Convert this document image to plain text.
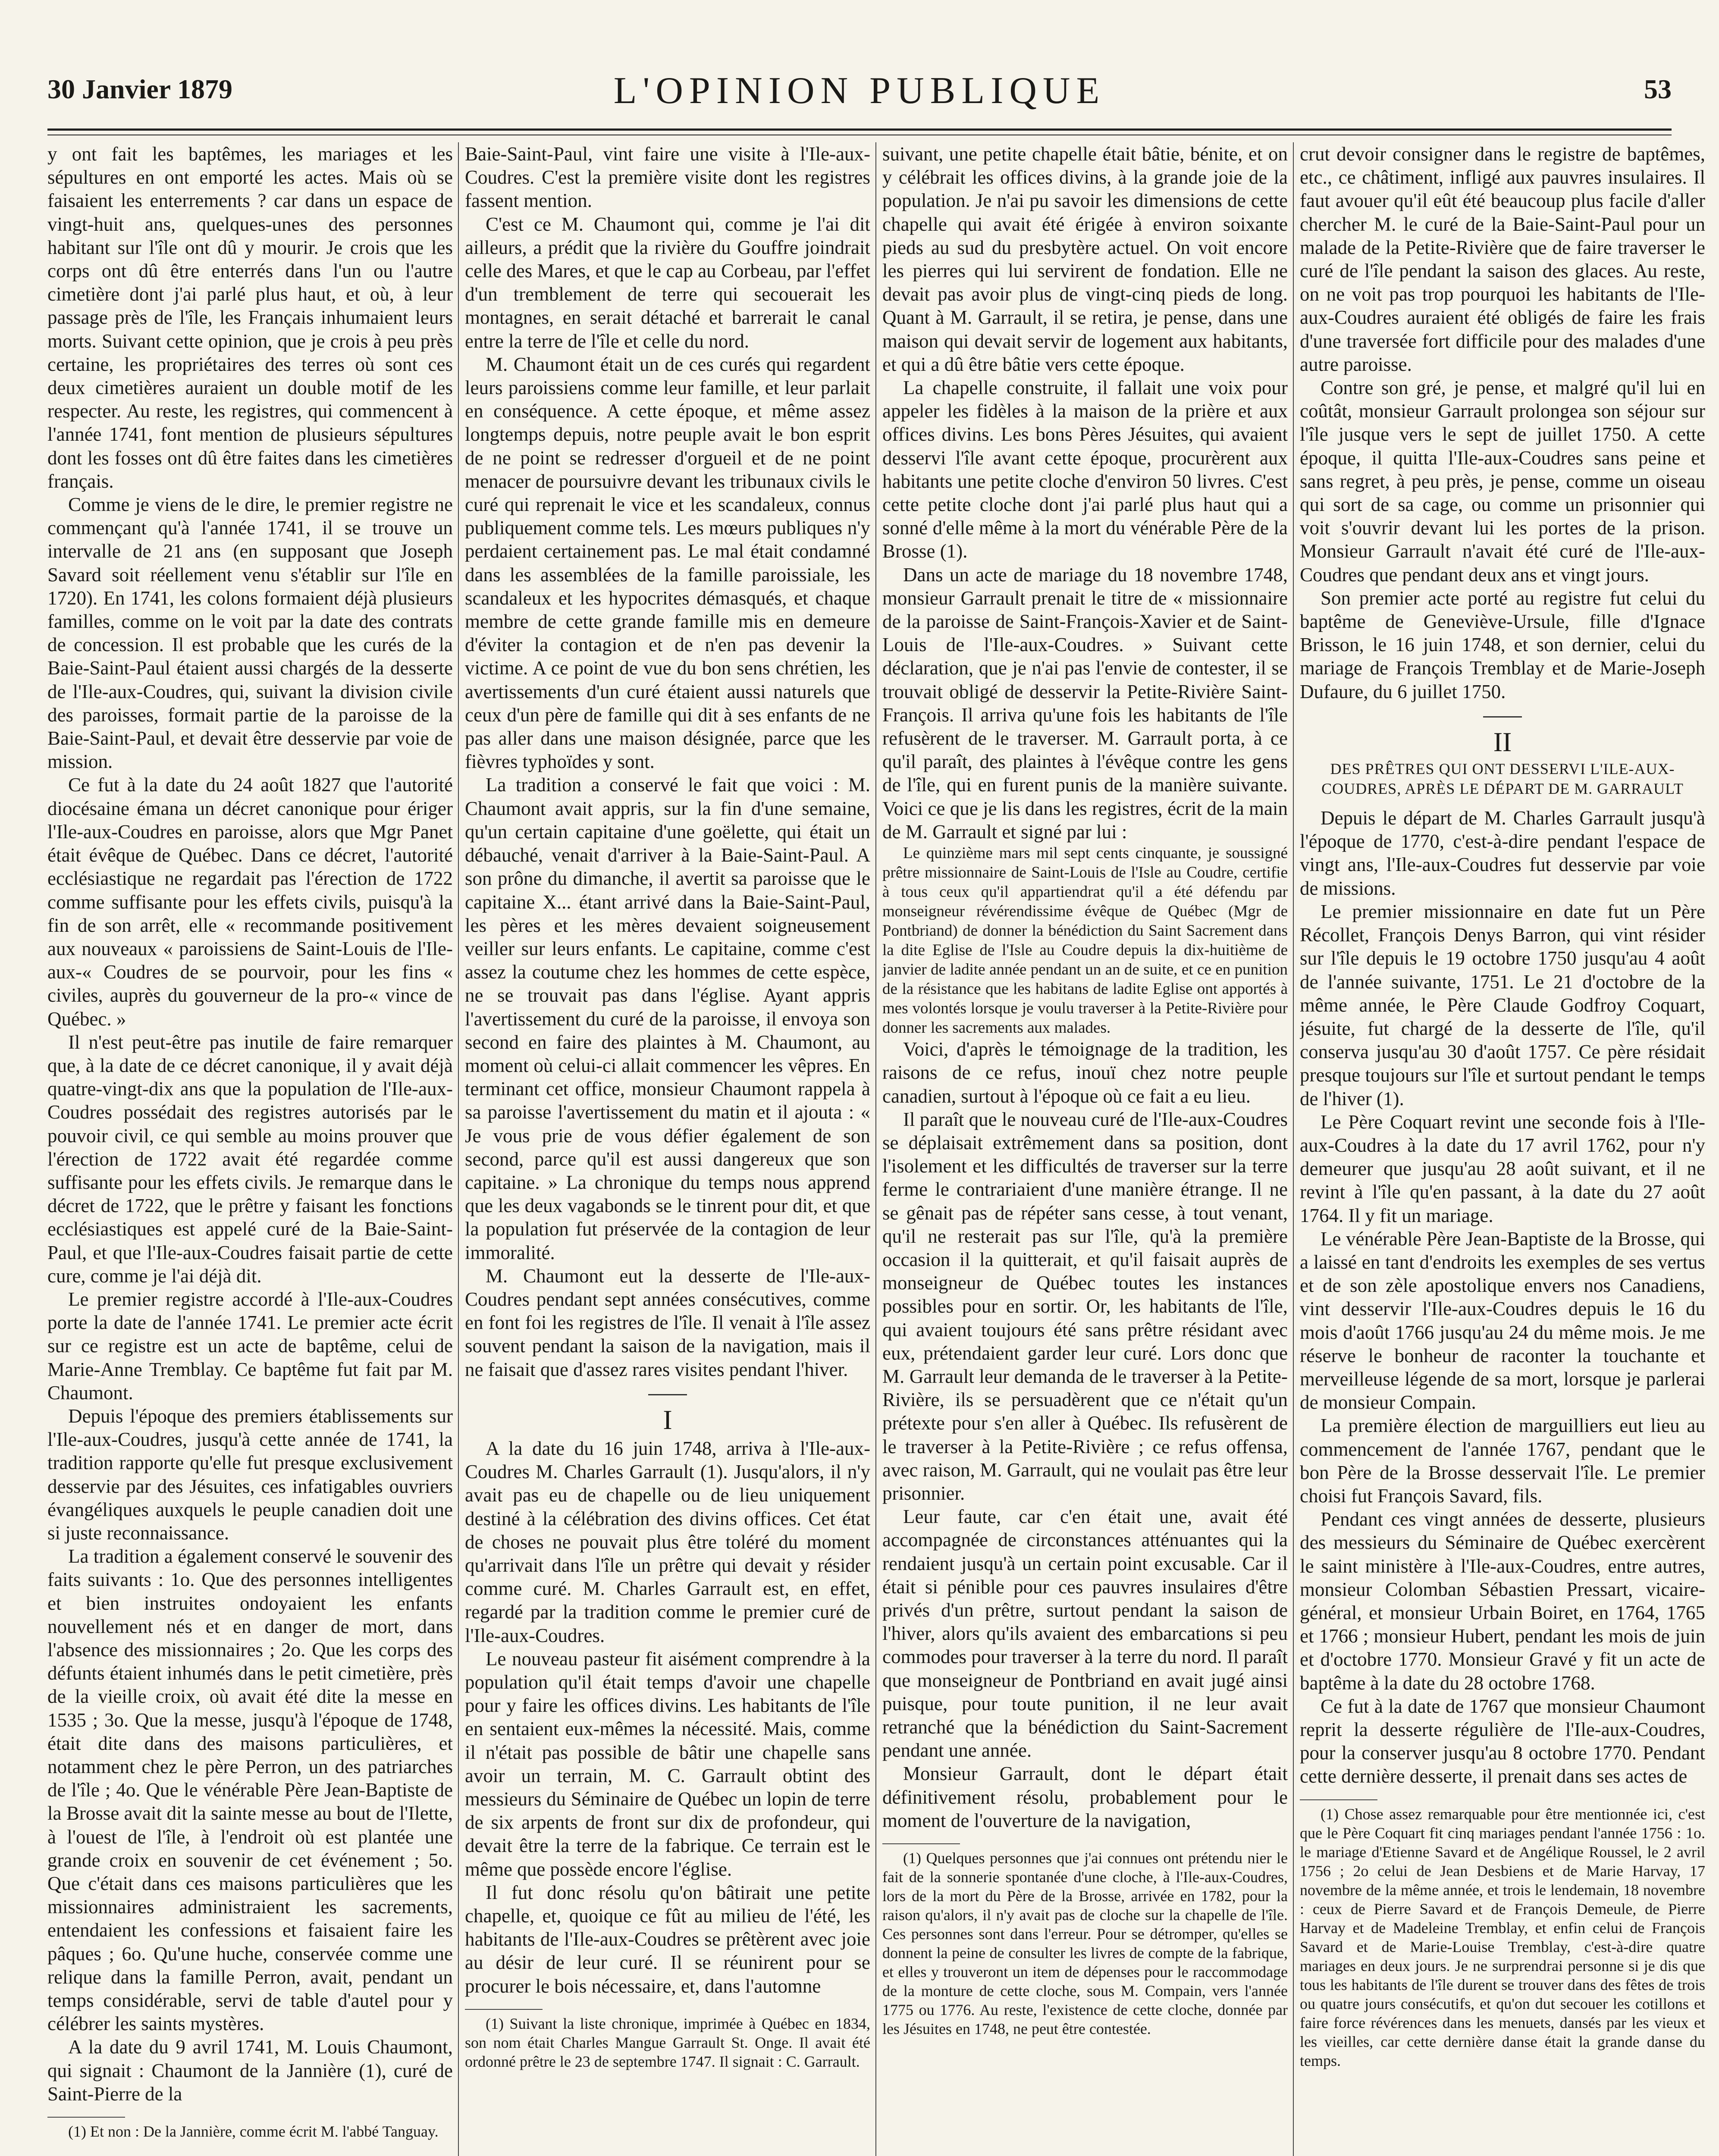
30 Janvier 1879	L'OPINION PUBLIQUE	53

y ont fait les baptêmes, les mariages et les sépultures en ont emporté les actes. Mais où se faisaient les enterrements ? car dans un espace de vingt-huit ans, quelques-unes des personnes habitant sur l'île ont dû y mourir. Je crois que les corps ont dû être enterrés dans l'un ou l'autre cimetière dont j'ai parlé plus haut, et où, à leur passage près de l'île, les Français inhumaient leurs morts. Suivant cette opinion, que je crois à peu près certaine, les propriétaires des terres où sont ces deux cimetières auraient un double motif de les respecter. Au reste, les registres, qui commencent à l'année 1741, font mention de plusieurs sépultures dont les fosses ont dû être faites dans les cimetières français.

Comme je viens de le dire, le premier registre ne commençant qu'à l'année 1741, il se trouve un intervalle de 21 ans (en supposant que Joseph Savard soit réellement venu s'établir sur l'île en 1720). En 1741, les colons formaient déjà plusieurs familles, comme on le voit par la date des contrats de concession. Il est probable que les curés de la Baie-Saint-Paul étaient aussi chargés de la desserte de l'Ile-aux-Coudres, qui, suivant la division civile des paroisses, formait partie de la paroisse de la Baie-Saint-Paul, et devait être desservie par voie de mission.

Ce fut à la date du 24 août 1827 que l'autorité diocésaine émana un décret canonique pour ériger l'Ile-aux-Coudres en paroisse, alors que Mgr Panet était évêque de Québec. Dans ce décret, l'autorité ecclésiastique ne regardait pas l'érection de 1722 comme suffisante pour les effets civils, puisqu'à la fin de son arrêt, elle « recommande positivement aux nouveaux « paroissiens de Saint-Louis de l'Ile-aux-« Coudres de se pourvoir, pour les fins « civiles, auprès du gouverneur de la pro-« vince de Québec. »

Il n'est peut-être pas inutile de faire remarquer que, à la date de ce décret canonique, il y avait déjà quatre-vingt-dix ans que la population de l'Ile-aux-Coudres possédait des registres autorisés par le pouvoir civil, ce qui semble au moins prouver que l'érection de 1722 avait été regardée comme suffisante pour les effets civils. Je remarque dans le décret de 1722, que le prêtre y faisant les fonctions ecclésiastiques est appelé curé de la Baie-Saint-Paul, et que l'Ile-aux-Coudres faisait partie de cette cure, comme je l'ai déjà dit.

Le premier registre accordé à l'Ile-aux-Coudres porte la date de l'année 1741. Le premier acte écrit sur ce registre est un acte de baptême, celui de Marie-Anne Tremblay. Ce baptême fut fait par M. Chaumont.

Depuis l'époque des premiers établissements sur l'Ile-aux-Coudres, jusqu'à cette année de 1741, la tradition rapporte qu'elle fut presque exclusivement desservie par des Jésuites, ces infatigables ouvriers évangéliques auxquels le peuple canadien doit une si juste reconnaissance.

La tradition a également conservé le souvenir des faits suivants : 1o. Que des personnes intelligentes et bien instruites ondoyaient les enfants nouvellement nés et en danger de mort, dans l'absence des missionnaires ; 2o. Que les corps des défunts étaient inhumés dans le petit cimetière, près de la vieille croix, où avait été dite la messe en 1535 ; 3o. Que la messe, jusqu'à l'époque de 1748, était dite dans des maisons particulières, et notamment chez le père Perron, un des patriarches de l'île ; 4o. Que le vénérable Père Jean-Baptiste de la Brosse avait dit la sainte messe au bout de l'Ilette, à l'ouest de l'île, à l'endroit où est plantée une grande croix en souvenir de cet événement ; 5o. Que c'était dans ces maisons particulières que les missionnaires administraient les sacrements, entendaient les confessions et faisaient faire les pâques ; 6o. Qu'une huche, conservée comme une relique dans la famille Perron, avait, pendant un temps considérable, servi de table d'autel pour y célébrer les saints mystères.

A la date du 9 avril 1741, M. Louis Chaumont, qui signait : Chaumont de la Jannière (1), curé de Saint-Pierre de la

(1) Et non : De la Jannière, comme écrit M. l'abbé Tanguay.

Baie-Saint-Paul, vint faire une visite à l'Ile-aux-Coudres. C'est la première visite dont les registres fassent mention.

C'est ce M. Chaumont qui, comme je l'ai dit ailleurs, a prédit que la rivière du Gouffre joindrait celle des Mares, et que le cap au Corbeau, par l'effet d'un tremblement de terre qui secouerait les montagnes, en serait détaché et barrerait le canal entre la terre de l'île et celle du nord.

M. Chaumont était un de ces curés qui regardent leurs paroissiens comme leur famille, et leur parlait en conséquence. A cette époque, et même assez longtemps depuis, notre peuple avait le bon esprit de ne point se redresser d'orgueil et de ne point menacer de poursuivre devant les tribunaux civils le curé qui reprenait le vice et les scandaleux, connus publiquement comme tels. Les mœurs publiques n'y perdaient certainement pas. Le mal était condamné dans les assemblées de la famille paroissiale, les scandaleux et les hypocrites démasqués, et chaque membre de cette grande famille mis en demeure d'éviter la contagion et de n'en pas devenir la victime. A ce point de vue du bon sens chrétien, les avertissements d'un curé étaient aussi naturels que ceux d'un père de famille qui dit à ses enfants de ne pas aller dans une maison désignée, parce que les fièvres typhoïdes y sont.

La tradition a conservé le fait que voici : M. Chaumont avait appris, sur la fin d'une semaine, qu'un certain capitaine d'une goëlette, qui était un débauché, venait d'arriver à la Baie-Saint-Paul. A son prône du dimanche, il avertit sa paroisse que le capitaine X... étant arrivé dans la Baie-Saint-Paul, les pères et les mères devaient soigneusement veiller sur leurs enfants. Le capitaine, comme c'est assez la coutume chez les hommes de cette espèce, ne se trouvait pas dans l'église. Ayant appris l'avertissement du curé de la paroisse, il envoya son second en faire des plaintes à M. Chaumont, au moment où celui-ci allait commencer les vêpres. En terminant cet office, monsieur Chaumont rappela à sa paroisse l'avertissement du matin et il ajouta : « Je vous prie de vous défier également de son second, parce qu'il est aussi dangereux que son capitaine. » La chronique du temps nous apprend que les deux vagabonds se le tinrent pour dit, et que la population fut préservée de la contagion de leur immoralité.

M. Chaumont eut la desserte de l'Ile-aux-Coudres pendant sept années consécutives, comme en font foi les registres de l'île. Il venait à l'île assez souvent pendant la saison de la navigation, mais il ne faisait que d'assez rares visites pendant l'hiver.

I

A la date du 16 juin 1748, arriva à l'Ile-aux-Coudres M. Charles Garrault (1). Jusqu'alors, il n'y avait pas eu de chapelle ou de lieu uniquement destiné à la célébration des divins offices. Cet état de choses ne pouvait plus être toléré du moment qu'arrivait dans l'île un prêtre qui devait y résider comme curé. M. Charles Garrault est, en effet, regardé par la tradition comme le premier curé de l'Ile-aux-Coudres.

Le nouveau pasteur fit aisément comprendre à la population qu'il était temps d'avoir une chapelle pour y faire les offices divins. Les habitants de l'île en sentaient eux-mêmes la nécessité. Mais, comme il n'était pas possible de bâtir une chapelle sans avoir un terrain, M. C. Garrault obtint des messieurs du Séminaire de Québec un lopin de terre de six arpents de front sur dix de profondeur, qui devait être la terre de la fabrique. Ce terrain est le même que possède encore l'église.

Il fut donc résolu qu'on bâtirait une petite chapelle, et, quoique ce fût au milieu de l'été, les habitants de l'Ile-aux-Coudres se prêtèrent avec joie au désir de leur curé. Il se réunirent pour se procurer le bois nécessaire, et, dans l'automne

(1) Suivant la liste chronique, imprimée à Québec en 1834, son nom était Charles Mangue Garrault St. Onge. Il avait été ordonné prêtre le 23 de septembre 1747. Il signait : C. Garrault.

suivant, une petite chapelle était bâtie, bénite, et on y célébrait les offices divins, à la grande joie de la population. Je n'ai pu savoir les dimensions de cette chapelle qui avait été érigée à environ soixante pieds au sud du presbytère actuel. On voit encore les pierres qui lui servirent de fondation. Elle ne devait pas avoir plus de vingt-cinq pieds de long. Quant à M. Garrault, il se retira, je pense, dans une maison qui devait servir de logement aux habitants, et qui a dû être bâtie vers cette époque.

La chapelle construite, il fallait une voix pour appeler les fidèles à la maison de la prière et aux offices divins. Les bons Pères Jésuites, qui avaient desservi l'île avant cette époque, procurèrent aux habitants une petite cloche d'environ 50 livres. C'est cette petite cloche dont j'ai parlé plus haut qui a sonné d'elle même à la mort du vénérable Père de la Brosse (1).

Dans un acte de mariage du 18 novembre 1748, monsieur Garrault prenait le titre de « missionnaire de la paroisse de Saint-François-Xavier et de Saint-Louis de l'Ile-aux-Coudres. » Suivant cette déclaration, que je n'ai pas l'envie de contester, il se trouvait obligé de desservir la Petite-Rivière Saint-François. Il arriva qu'une fois les habitants de l'île refusèrent de le traverser. M. Garrault porta, à ce qu'il paraît, des plaintes à l'évêque contre les gens de l'île, qui en furent punis de la manière suivante. Voici ce que je lis dans les registres, écrit de la main de M. Garrault et signé par lui :

Le quinzième mars mil sept cents cinquante, je soussigné prêtre missionnaire de Saint-Louis de l'Isle au Coudre, certifie à tous ceux qu'il appartiendrat qu'il a été défendu par monseigneur révérendissime évêque de Québec (Mgr de Pontbriand) de donner la bénédiction du Saint Sacrement dans la dite Eglise de l'Isle au Coudre depuis la dix-huitième de janvier de ladite année pendant un an de suite, et ce en punition de la résistance que les habitans de ladite Eglise ont apportés à mes volontés lorsque je voulu traverser à la Petite-Rivière pour donner les sacrements aux malades.

Voici, d'après le témoignage de la tradition, les raisons de ce refus, inouï chez notre peuple canadien, surtout à l'époque où ce fait a eu lieu.

Il paraît que le nouveau curé de l'Ile-aux-Coudres se déplaisait extrêmement dans sa position, dont l'isolement et les difficultés de traverser sur la terre ferme le contrariaient d'une manière étrange. Il ne se gênait pas de répéter sans cesse, à tout venant, qu'il ne resterait pas sur l'île, qu'à la première occasion il la quitterait, et qu'il faisait auprès de monseigneur de Québec toutes les instances possibles pour en sortir. Or, les habitants de l'île, qui avaient toujours été sans prêtre résidant avec eux, prétendaient garder leur curé. Lors donc que M. Garrault leur demanda de le traverser à la Petite-Rivière, ils se persuadèrent que ce n'était qu'un prétexte pour s'en aller à Québec. Ils refusèrent de le traverser à la Petite-Rivière ; ce refus offensa, avec raison, M. Garrault, qui ne voulait pas être leur prisonnier.

Leur faute, car c'en était une, avait été accompagnée de circonstances atténuantes qui la rendaient jusqu'à un certain point excusable. Car il était si pénible pour ces pauvres insulaires d'être privés d'un prêtre, surtout pendant la saison de l'hiver, alors qu'ils avaient des embarcations si peu commodes pour traverser à la terre du nord. Il paraît que monseigneur de Pontbriand en avait jugé ainsi puisque, pour toute punition, il ne leur avait retranché que la bénédiction du Saint-Sacrement pendant une année.

Monsieur Garrault, dont le départ était définitivement résolu, probablement pour le moment de l'ouverture de la navigation,

(1) Quelques personnes que j'ai connues ont prétendu nier le fait de la sonnerie spontanée d'une cloche, à l'Ile-aux-Coudres, lors de la mort du Père de la Brosse, arrivée en 1782, pour la raison qu'alors, il n'y avait pas de cloche sur la chapelle de l'île. Ces personnes sont dans l'erreur. Pour se détromper, qu'elles se donnent la peine de consulter les livres de compte de la fabrique, et elles y trouveront un item de dépenses pour le raccommodage de la monture de cette cloche, sous M. Compain, vers l'année 1775 ou 1776. Au reste, l'existence de cette cloche, donnée par les Jésuites en 1748, ne peut être contestée.

crut devoir consigner dans le registre de baptêmes, etc., ce châtiment, infligé aux pauvres insulaires. Il faut avouer qu'il eût été beaucoup plus facile d'aller chercher M. le curé de la Baie-Saint-Paul pour un malade de la Petite-Rivière que de faire traverser le curé de l'île pendant la saison des glaces. Au reste, on ne voit pas trop pourquoi les habitants de l'Ile-aux-Coudres auraient été obligés de faire les frais d'une traversée fort difficile pour des malades d'une autre paroisse.

Contre son gré, je pense, et malgré qu'il lui en coûtât, monsieur Garrault prolongea son séjour sur l'île jusque vers le sept de juillet 1750. A cette époque, il quitta l'Ile-aux-Coudres sans peine et sans regret, à peu près, je pense, comme un oiseau qui sort de sa cage, ou comme un prisonnier qui voit s'ouvrir devant lui les portes de la prison. Monsieur Garrault n'avait été curé de l'Ile-aux-Coudres que pendant deux ans et vingt jours.

Son premier acte porté au registre fut celui du baptême de Geneviève-Ursule, fille d'Ignace Brisson, le 16 juin 1748, et son dernier, celui du mariage de François Tremblay et de Marie-Joseph Dufaure, du 6 juillet 1750.

II
DES PRÊTRES QUI ONT DESSERVI L'ILE-AUX-COUDRES, APRÈS LE DÉPART DE M. GARRAULT

Depuis le départ de M. Charles Garrault jusqu'à l'époque de 1770, c'est-à-dire pendant l'espace de vingt ans, l'Ile-aux-Coudres fut desservie par voie de missions.

Le premier missionnaire en date fut un Père Récollet, François Denys Barron, qui vint résider sur l'île depuis le 19 octobre 1750 jusqu'au 4 août de l'année suivante, 1751. Le 21 d'octobre de la même année, le Père Claude Godfroy Coquart, jésuite, fut chargé de la desserte de l'île, qu'il conserva jusqu'au 30 d'août 1757. Ce père résidait presque toujours sur l'île et surtout pendant le temps de l'hiver (1).

Le Père Coquart revint une seconde fois à l'Ile-aux-Coudres à la date du 17 avril 1762, pour n'y demeurer que jusqu'au 28 août suivant, et il ne revint à l'île qu'en passant, à la date du 27 août 1764. Il y fit un mariage.

Le vénérable Père Jean-Baptiste de la Brosse, qui a laissé en tant d'endroits les exemples de ses vertus et de son zèle apostolique envers nos Canadiens, vint desservir l'Ile-aux-Coudres depuis le 16 du mois d'août 1766 jusqu'au 24 du même mois. Je me réserve le bonheur de raconter la touchante et merveilleuse légende de sa mort, lorsque je parlerai de monsieur Compain.

La première élection de marguilliers eut lieu au commencement de l'année 1767, pendant que le bon Père de la Brosse desservait l'île. Le premier choisi fut François Savard, fils.

Pendant ces vingt années de desserte, plusieurs des messieurs du Séminaire de Québec exercèrent le saint ministère à l'Ile-aux-Coudres, entre autres, monsieur Colomban Sébastien Pressart, vicaire-général, et monsieur Urbain Boiret, en 1764, 1765 et 1766 ; monsieur Hubert, pendant les mois de juin et d'octobre 1770. Monsieur Gravé y fit un acte de baptême à la date du 28 octobre 1768.

Ce fut à la date de 1767 que monsieur Chaumont reprit la desserte régulière de l'Ile-aux-Coudres, pour la conserver jusqu'au 8 octobre 1770. Pendant cette dernière desserte, il prenait dans ses actes de

(1) Chose assez remarquable pour être mentionnée ici, c'est que le Père Coquart fit cinq mariages pendant l'année 1756 : 1o. le mariage d'Etienne Savard et de Angélique Roussel, le 2 avril 1756 ; 2o celui de Jean Desbiens et de Marie Harvay, 17 novembre de la même année, et trois le lendemain, 18 novembre : ceux de Pierre Savard et de François Demeule, de Pierre Harvay et de Madeleine Tremblay, et enfin celui de François Savard et de Marie-Louise Tremblay, c'est-à-dire quatre mariages en deux jours. Je ne surprendrai personne si je dis que tous les habitants de l'île durent se trouver dans des fêtes de trois ou quatre jours consécutifs, et qu'on dut secouer les cotillons et faire force révérences dans les menuets, dansés par les vieux et les vieilles, car cette dernière danse était la grande danse du temps.
